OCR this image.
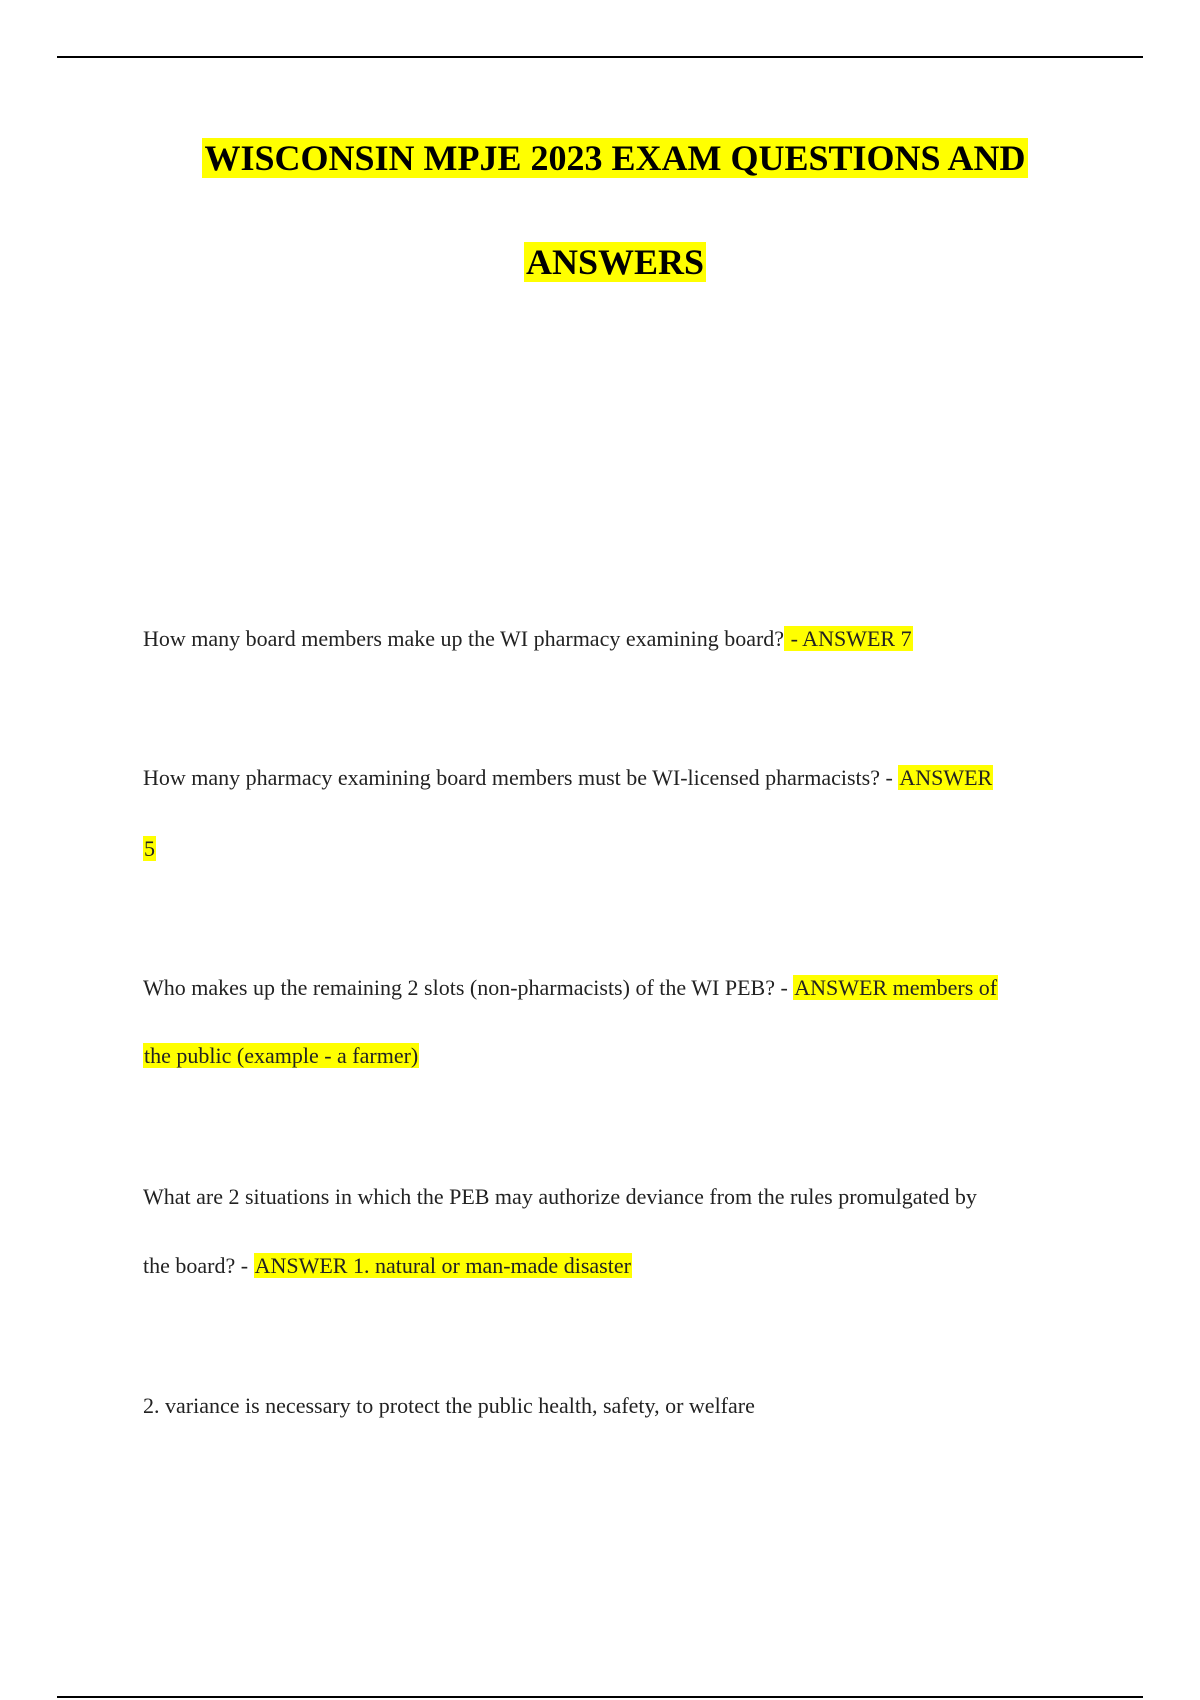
WISCONSIN MPJE 2023 EXAM QUESTIONS AND
ANSWERS
How many board members make up the WI pharmacy examining board? - ANSWER 7
How many pharmacy examining board members must be WI-licensed pharmacists? - ANSWER
5
Who makes up the remaining 2 slots (non-pharmacists) of the WI PEB? - ANSWER members of
the public (example - a farmer)
What are 2 situations in which the PEB may authorize deviance from the rules promulgated by
the board? - ANSWER 1. natural or man-made disaster
2. variance is necessary to protect the public health, safety, or welfare
